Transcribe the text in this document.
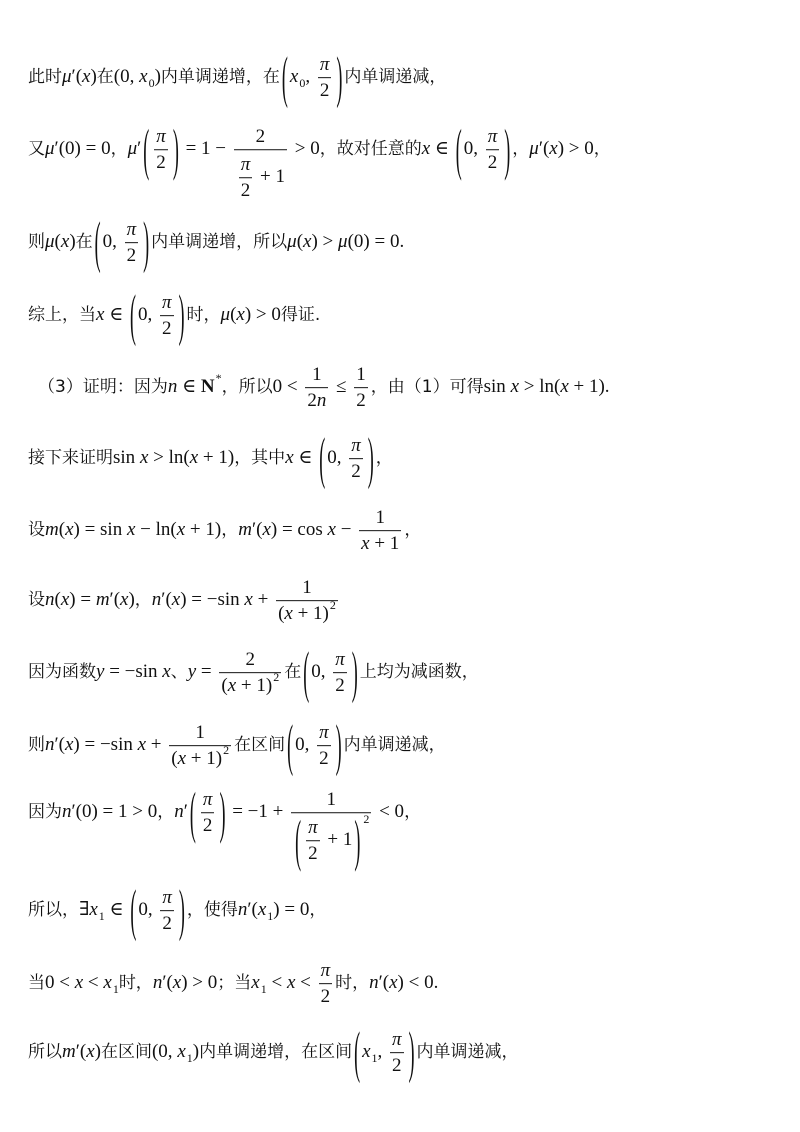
此时 μ ′( x ) 在 (0, x 0 ) 内单调递增，在 ( x 0 , $\frac{\pi}{2}$ ) 内单调递减，
又 μ ′(0) = 0 ， μ ′ ( $\frac{\pi}{2}$ ) = $1 - \frac{2}{\frac{\pi}{2} + 1} > 0$ ，故对任意的 x ∈ ( 0, $\frac{\pi}{2}$ ) ， μ ′( x ) > 0 ，
则 μ ( x ) 在 ( 0, $\frac{\pi}{2}$ ) 内单调递增，所以 μ ( x ) > μ (0) = 0.
综上，当 x ∈ ( 0, $\frac{\pi}{2}$ ) 时， μ ( x ) > 0 得证.
（3）证明：因为 n ∈ N * ，所以 $0 < \frac{1}{2 n} \le \frac{1}{2}$ ，由（1）可得 sin x > ln( x + 1).
接下来证明 sin x > ln( x + 1) ，其中 x ∈ ( 0, $\frac{\pi}{2}$ ) ，
设 m ( x ) = sin x − ln( x + 1) ， m ′( x ) = $\cos x - \frac{1}{x + 1}$ ，
设 n ( x ) = m ′( x ) ， n ′( x ) = −sin $x + \frac{1}{( x + 1) 2}$
因为函数 y = −sin x 、 $y = \frac{2}{( x + 1) 2}$ 在 ( 0, $\frac{\pi}{2}$ ) 上均为减函数，
则 n ′( x ) = −sin $x + \frac{1}{( x + 1) 2}$ 在区间 ( 0, $\frac{\pi}{2}$ ) 内单调递减，
因为 n ′(0) = 1 > 0 ， n ′ ( $\frac{\pi}{2}$ ) = $-1 + \frac{1}{( \frac{\pi}{2} + 1 ) 2} < 0$ ，
所以， ∃ x 1 ∈ ( 0, $\frac{\pi}{2}$ ) ，使得 n ′( x 1 ) = 0 ，
当 0 < x < x 1 时， n ′( x ) > 0 ；当 x $1 < x < \frac{\pi}{2}$ 时， n ′( x ) < 0.
所以 m ′( x ) 在区间 (0, x 1 ) 内单调递增，在区间 ( x 1 , $\frac{\pi}{2}$ ) 内单调递减，
